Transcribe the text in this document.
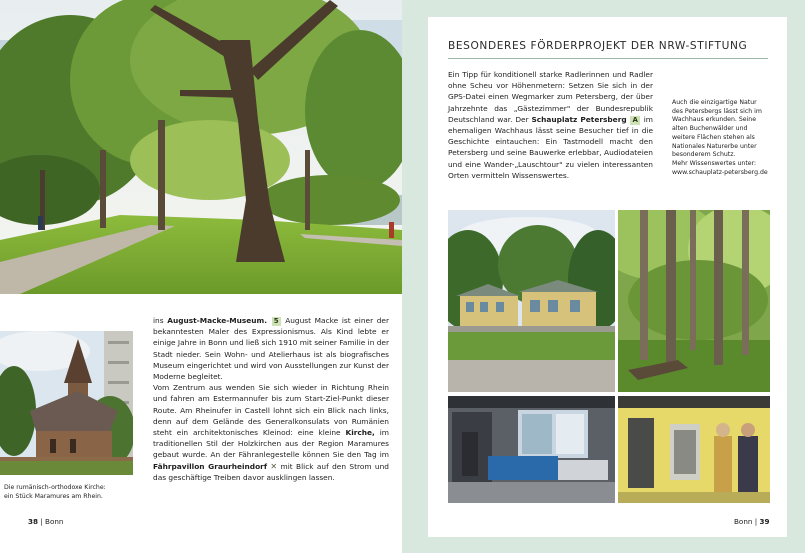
Die rumänisch-orthodoxe Kirche:
ein Stück Maramures am Rhein.

ins August-Macke-Museum. 5 August Macke ist einer der bekanntesten Maler des Expressionismus. Als Kind lebte er einige Jahre in Bonn und ließ sich 1910 mit seiner Familie in der Stadt nieder. Sein Wohn- und Atelierhaus ist als biografisches Museum eingerichtet und wird von Ausstellungen zur Kunst der Moderne begleitet.

Vom Zentrum aus wenden Sie sich wieder in Richtung Rhein und fahren am Estermannufer bis zum Start-Ziel-Punkt dieser Route. Am Rheinufer in Castell lohnt sich ein Blick nach links, denn auf dem Gelände des Generalkonsulats von Rumänien steht ein architektonisches Kleinod: eine kleine Kirche, im traditionellen Stil der Holzkirchen aus der Region Maramures gebaut wurde. An der Fähranlegestelle können Sie den Tag im Fährpavillon Graurheindorf ✕ mit Blick auf den Strom und das geschäftige Treiben davor ausklingen lassen.

38 | Bonn
BESONDERES FÖRDERPROJEKT DER NRW-STIFTUNG
Ein Tipp für konditionell starke Radlerinnen und Radler ohne Scheu vor Höhenmetern: Setzen Sie sich in der GPS-Datei einen Wegmarker zum Petersberg, der über Jahrzehnte das „Gästezimmer" der Bundesrepublik Deutschland war. Der Schauplatz Petersberg A im ehemaligen Wachhaus lässt seine Besucher tief in die Geschichte eintauchen: Ein Tastmodell macht den Petersberg und seine Bauwerke erlebbar, Audiodateien und eine Wander-„Lauschtour" zu vielen interessanten Orten vermitteln Wissenswertes.
Auch die einzigartige Natur
des Petersbergs lässt sich im
Wachhaus erkunden. Seine
alten Buchenwälder und
weitere Flächen stehen als
Nationales Naturerbe unter
besonderem Schutz.
Mehr Wissenswertes unter:
www.schauplatz-petersberg.de
Bonn | 39
